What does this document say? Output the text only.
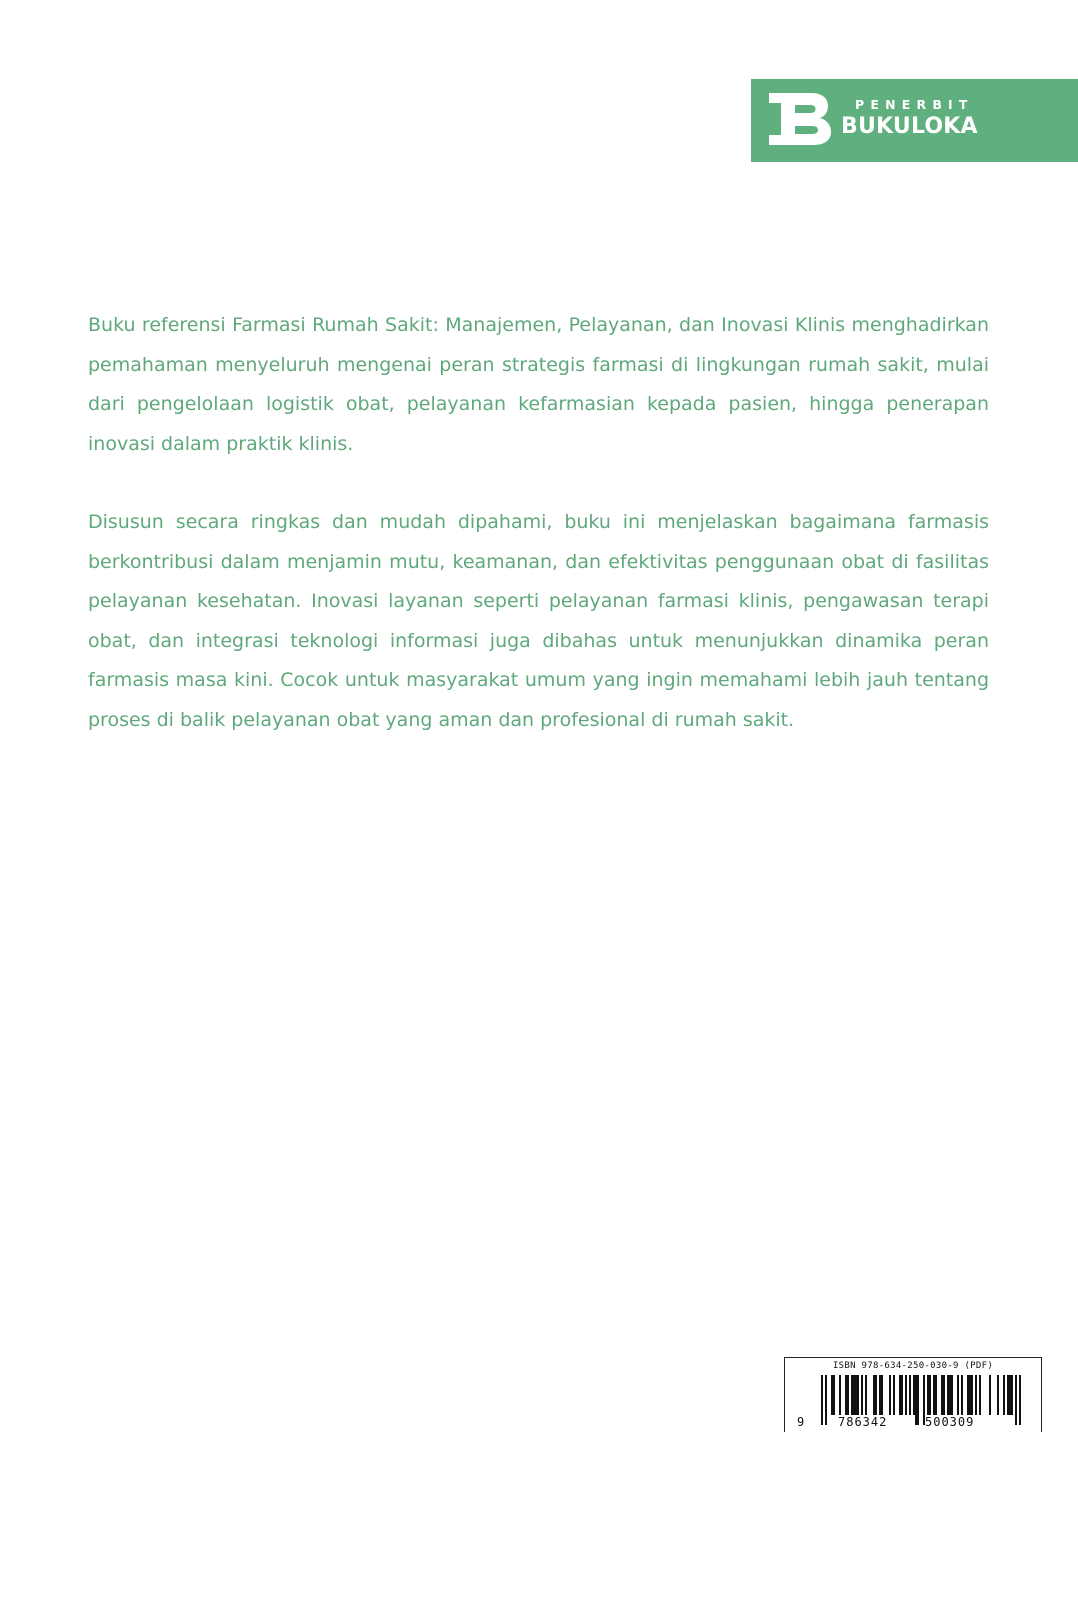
PENERBIT
BUKULOKA

Buku referensi Farmasi Rumah Sakit: Manajemen, Pelayanan, dan Inovasi Klinis menghadirkan pemahaman menyeluruh mengenai peran strategis farmasi di lingkungan rumah sakit, mulai dari pengelolaan logistik obat, pelayanan kefarmasian kepada pasien, hingga penerapan inovasi dalam praktik klinis.

Disusun secara ringkas dan mudah dipahami, buku ini menjelaskan bagaimana farmasis berkontribusi dalam menjamin mutu, keamanan, dan efektivitas penggunaan obat di fasilitas pelayanan kesehatan. Inovasi layanan seperti pelayanan farmasi klinis, pengawasan terapi obat, dan integrasi teknologi informasi juga dibahas untuk menunjukkan dinamika peran farmasis masa kini. Cocok untuk masyarakat umum yang ingin memahami lebih jauh tentang proses di balik pelayanan obat yang aman dan profesional di rumah sakit.

ISBN 978-634-250-030-9 (PDF)
9	786342	500309
